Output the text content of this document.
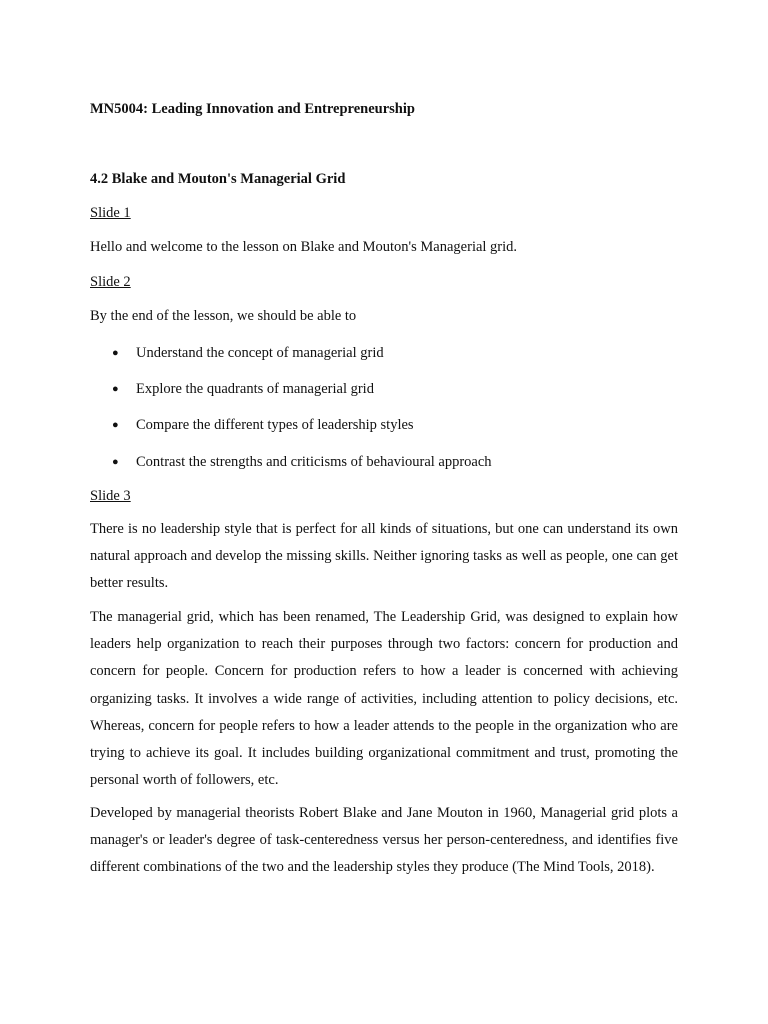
MN5004: Leading Innovation and Entrepreneurship
4.2 Blake and Mouton's Managerial Grid

Slide 1

Hello and welcome to the lesson on Blake and Mouton's Managerial grid.

Slide 2

By the end of the lesson, we should be able to

● Understand the concept of managerial grid
● Explore the quadrants of managerial grid
● Compare the different types of leadership styles
● Contrast the strengths and criticisms of behavioural approach

Slide 3

There is no leadership style that is perfect for all kinds of situations, but one can understand its own natural approach and develop the missing skills. Neither ignoring tasks as well as people, one can get better results.

The managerial grid, which has been renamed, The Leadership Grid, was designed to explain how leaders help organization to reach their purposes through two factors: concern for production and concern for people. Concern for production refers to how a leader is concerned with achieving organizing tasks. It involves a wide range of activities, including attention to policy decisions, etc. Whereas, concern for people refers to how a leader attends to the people in the organization who are trying to achieve its goal. It includes building organizational commitment and trust, promoting the personal worth of followers, etc.

Developed by managerial theorists Robert Blake and Jane Mouton in 1960, Managerial grid plots a manager's or leader's degree of task-centeredness versus her person-centeredness, and identifies five different combinations of the two and the leadership styles they produce (The Mind Tools, 2018).
